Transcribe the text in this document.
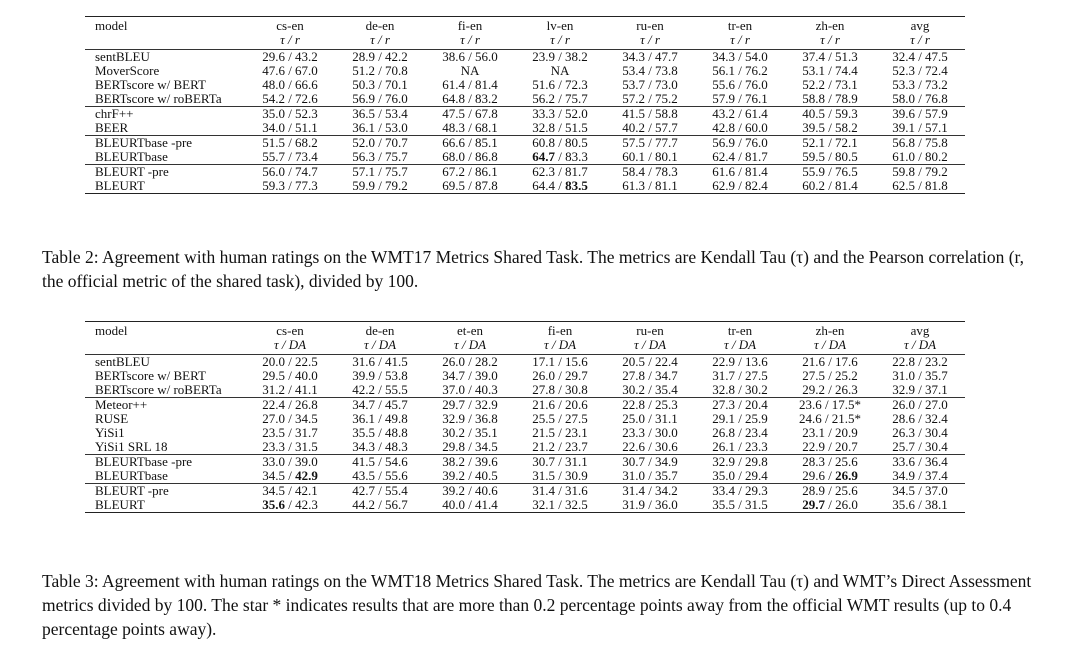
model	cs-en	de-en	fi-en	lv-en	ru-en	tr-en	zh-en	avg
	τ / r	τ / r	τ / r	τ / r	τ / r	τ / r	τ / r	τ / r
sentBLEU	29.6 / 43.2	28.9 / 42.2	38.6 / 56.0	23.9 / 38.2	34.3 / 47.7	34.3 / 54.0	37.4 / 51.3	32.4 / 47.5
MoverScore	47.6 / 67.0	51.2 / 70.8	NA	NA	53.4 / 73.8	56.1 / 76.2	53.1 / 74.4	52.3 / 72.4
BERTscore w/ BERT	48.0 / 66.6	50.3 / 70.1	61.4 / 81.4	51.6 / 72.3	53.7 / 73.0	55.6 / 76.0	52.2 / 73.1	53.3 / 73.2
BERTscore w/ roBERTa	54.2 / 72.6	56.9 / 76.0	64.8 / 83.2	56.2 / 75.7	57.2 / 75.2	57.9 / 76.1	58.8 / 78.9	58.0 / 76.8
chrF++	35.0 / 52.3	36.5 / 53.4	47.5 / 67.8	33.3 / 52.0	41.5 / 58.8	43.2 / 61.4	40.5 / 59.3	39.6 / 57.9
BEER	34.0 / 51.1	36.1 / 53.0	48.3 / 68.1	32.8 / 51.5	40.2 / 57.7	42.8 / 60.0	39.5 / 58.2	39.1 / 57.1
BLEURTbase -pre	51.5 / 68.2	52.0 / 70.7	66.6 / 85.1	60.8 / 80.5	57.5 / 77.7	56.9 / 76.0	52.1 / 72.1	56.8 / 75.8
BLEURTbase	55.7 / 73.4	56.3 / 75.7	68.0 / 86.8	64.7 / 83.3	60.1 / 80.1	62.4 / 81.7	59.5 / 80.5	61.0 / 80.2
BLEURT -pre	56.0 / 74.7	57.1 / 75.7	67.2 / 86.1	62.3 / 81.7	58.4 / 78.3	61.6 / 81.4	55.9 / 76.5	59.8 / 79.2
BLEURT	59.3 / 77.3	59.9 / 79.2	69.5 / 87.8	64.4 / 83.5	61.3 / 81.1	62.9 / 82.4	60.2 / 81.4	62.5 / 81.8

Table 2: Agreement with human ratings on the WMT17 Metrics Shared Task. The metrics are Kendall Tau (τ) and the Pearson correlation (r, the official metric of the shared task), divided by 100.

model	cs-en	de-en	et-en	fi-en	ru-en	tr-en	zh-en	avg
	τ / DA	τ / DA	τ / DA	τ / DA	τ / DA	τ / DA	τ / DA	τ / DA
sentBLEU	20.0 / 22.5	31.6 / 41.5	26.0 / 28.2	17.1 / 15.6	20.5 / 22.4	22.9 / 13.6	21.6 / 17.6	22.8 / 23.2
BERTscore w/ BERT	29.5 / 40.0	39.9 / 53.8	34.7 / 39.0	26.0 / 29.7	27.8 / 34.7	31.7 / 27.5	27.5 / 25.2	31.0 / 35.7
BERTscore w/ roBERTa	31.2 / 41.1	42.2 / 55.5	37.0 / 40.3	27.8 / 30.8	30.2 / 35.4	32.8 / 30.2	29.2 / 26.3	32.9 / 37.1
Meteor++	22.4 / 26.8	34.7 / 45.7	29.7 / 32.9	21.6 / 20.6	22.8 / 25.3	27.3 / 20.4	23.6 / 17.5*	26.0 / 27.0
RUSE	27.0 / 34.5	36.1 / 49.8	32.9 / 36.8	25.5 / 27.5	25.0 / 31.1	29.1 / 25.9	24.6 / 21.5*	28.6 / 32.4
YiSi1	23.5 / 31.7	35.5 / 48.8	30.2 / 35.1	21.5 / 23.1	23.3 / 30.0	26.8 / 23.4	23.1 / 20.9	26.3 / 30.4
YiSi1 SRL 18	23.3 / 31.5	34.3 / 48.3	29.8 / 34.5	21.2 / 23.7	22.6 / 30.6	26.1 / 23.3	22.9 / 20.7	25.7 / 30.4
BLEURTbase -pre	33.0 / 39.0	41.5 / 54.6	38.2 / 39.6	30.7 / 31.1	30.7 / 34.9	32.9 / 29.8	28.3 / 25.6	33.6 / 36.4
BLEURTbase	34.5 / 42.9	43.5 / 55.6	39.2 / 40.5	31.5 / 30.9	31.0 / 35.7	35.0 / 29.4	29.6 / 26.9	34.9 / 37.4
BLEURT -pre	34.5 / 42.1	42.7 / 55.4	39.2 / 40.6	31.4 / 31.6	31.4 / 34.2	33.4 / 29.3	28.9 / 25.6	34.5 / 37.0
BLEURT	35.6 / 42.3	44.2 / 56.7	40.0 / 41.4	32.1 / 32.5	31.9 / 36.0	35.5 / 31.5	29.7 / 26.0	35.6 / 38.1

Table 3: Agreement with human ratings on the WMT18 Metrics Shared Task. The metrics are Kendall Tau (τ) and WMT’s Direct Assessment metrics divided by 100. The star * indicates results that are more than 0.2 percentage points away from the official WMT results (up to 0.4 percentage points away).
